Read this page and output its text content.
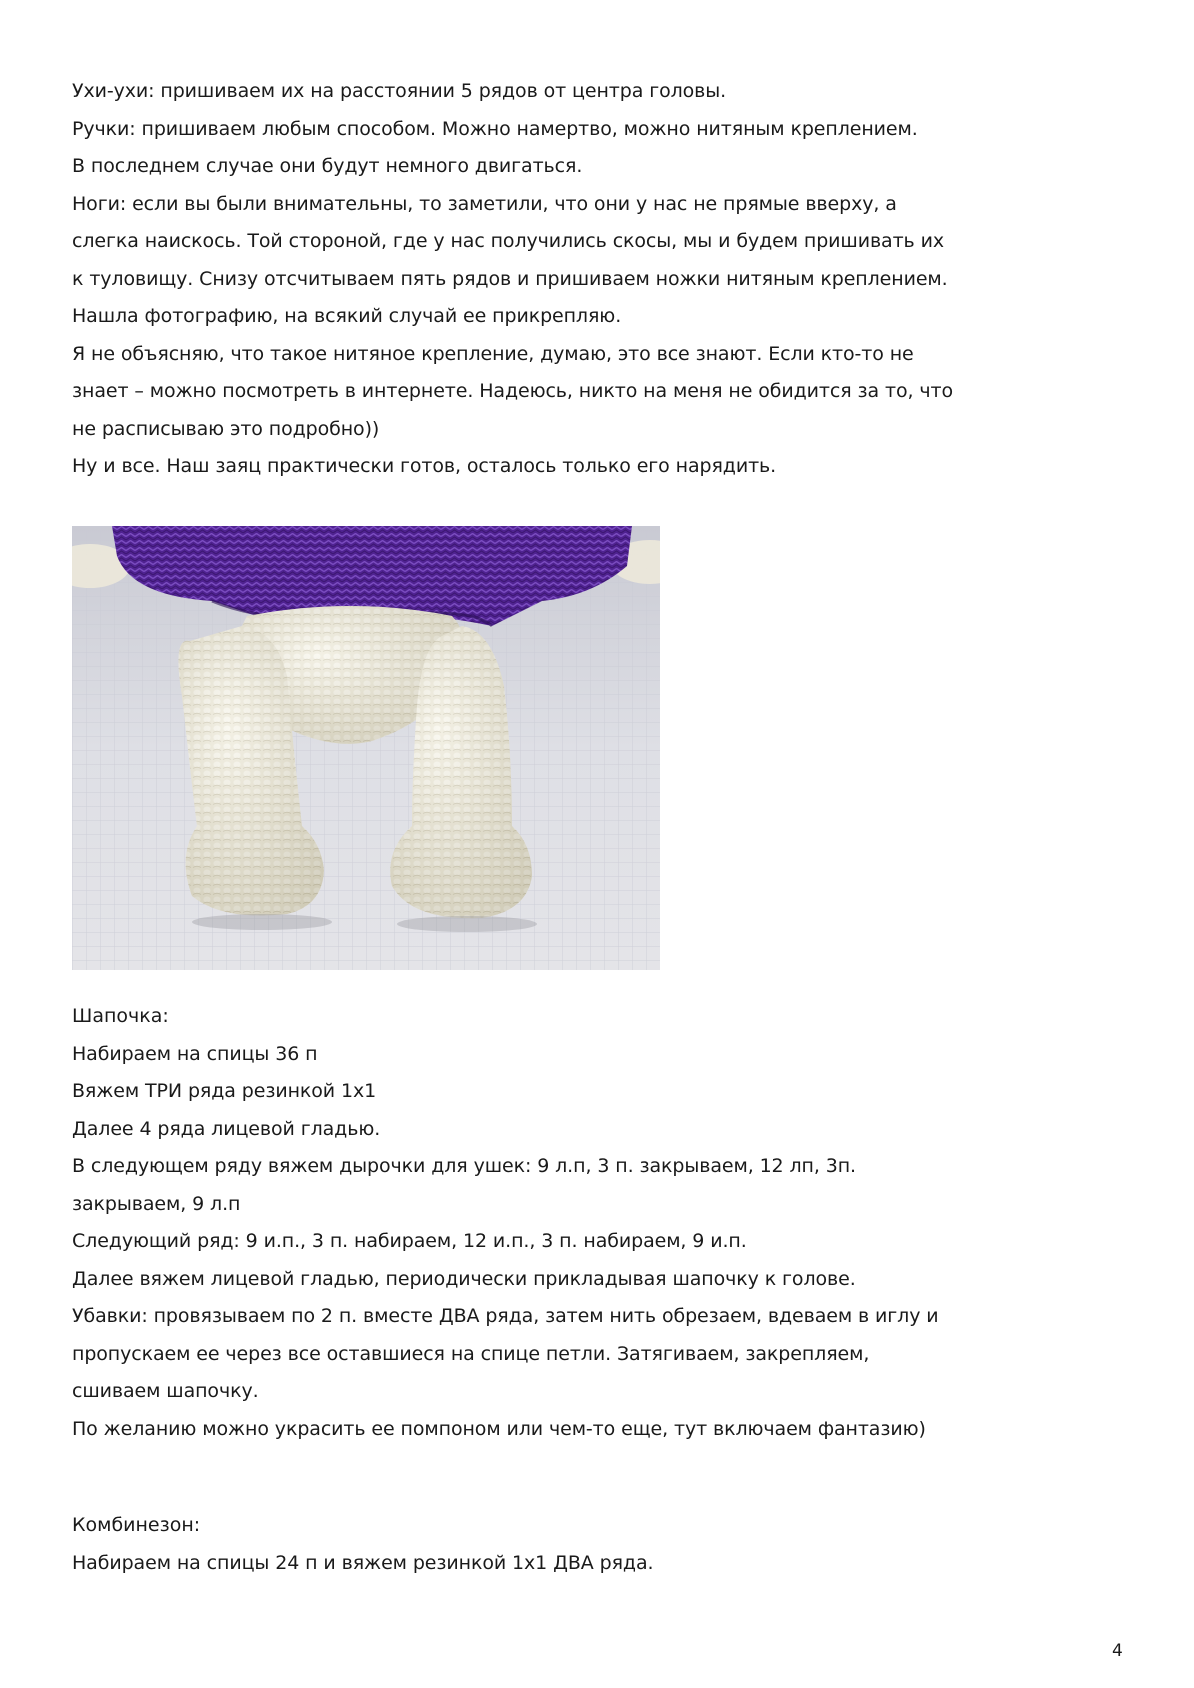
Ухи-ухи: пришиваем их на расстоянии 5 рядов от центра головы.
Ручки: пришиваем любым способом. Можно намертво, можно нитяным креплением.
В последнем случае они будут немного двигаться.
Ноги: если вы были внимательны, то заметили, что они у нас не прямые вверху, а
слегка наискось. Той стороной, где у нас получились скосы, мы и будем пришивать их
к туловищу. Снизу отсчитываем пять рядов и пришиваем ножки нитяным креплением.
Нашла фотографию, на всякий случай ее прикрепляю.
Я не объясняю, что такое нитяное крепление, думаю, это все знают. Если кто-то не
знает – можно посмотреть в интернете. Надеюсь, никто на меня не обидится за то, что
не расписываю это подробно))
Ну и все. Наш заяц практически готов, осталось только его нарядить.
Шапочка:
Набираем на спицы 36 п
Вяжем ТРИ ряда резинкой 1х1
Далее 4 ряда лицевой гладью.
В следующем ряду вяжем дырочки для ушек: 9 л.п, 3 п. закрываем, 12 лп, 3п.
закрываем, 9 л.п
Следующий ряд: 9 и.п., 3 п. набираем, 12 и.п., 3 п. набираем, 9 и.п.
Далее вяжем лицевой гладью, периодически прикладывая шапочку к голове.
Убавки: провязываем по 2 п. вместе ДВА ряда, затем нить обрезаем, вдеваем в иглу и
пропускаем ее через все оставшиеся на спице петли. Затягиваем, закрепляем,
сшиваем шапочку.
По желанию можно украсить ее помпоном или чем-то еще, тут включаем фантазию)
Комбинезон:
Набираем на спицы 24 п и вяжем резинкой 1х1 ДВА ряда.
4
